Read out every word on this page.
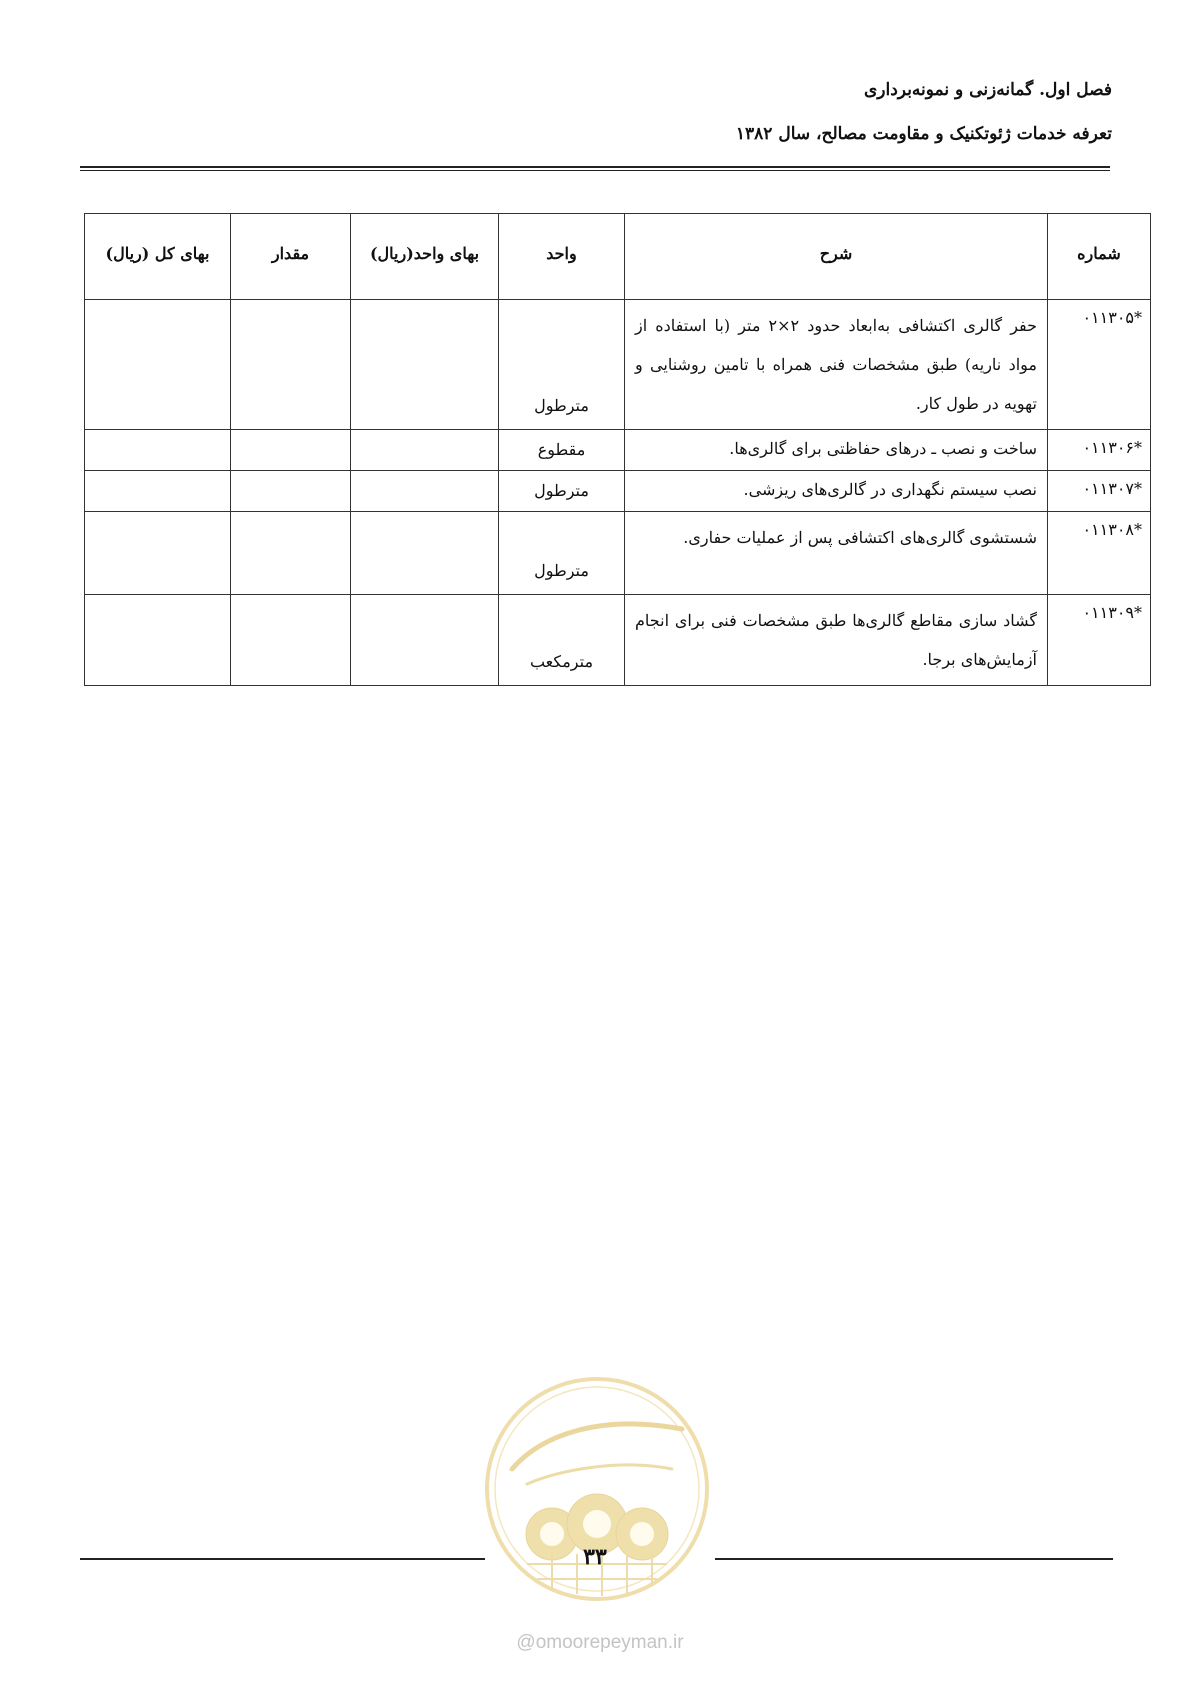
فصل اول. گمانه‌زنی و نمونه‌برداری
تعرفه خدمات ژئوتکنیک و مقاومت مصالح، سال ۱۳۸۲
شماره	شرح	واحد	بهای واحد(ریال)	مقدار	بهای کل (ریال)
*۰۱۱۳۰۵	حفر گالری اکتشافی به‌ابعاد حدود ۲×۲ متر (با استفاده از مواد ناریه) طبق مشخصات فنی همراه با تامین روشنایی و تهویه در طول کار.	مترطول			
*۰۱۱۳۰۶	ساخت و نصب ـ درهای حفاظتی برای گالری‌ها.	مقطوع			
*۰۱۱۳۰۷	نصب سیستم نگهداری در گالری‌های ریزشی.	مترطول			
*۰۱۱۳۰۸	شستشوی گالری‌های اکتشافی پس از عملیات حفاری.	مترطول			
*۰۱۱۳۰۹	گشاد سازی مقاطع گالری‌ها طبق مشخصات فنی برای انجام آزمایش‌های برجا.	مترمکعب			
۳۳
@omoorepeyman.ir
